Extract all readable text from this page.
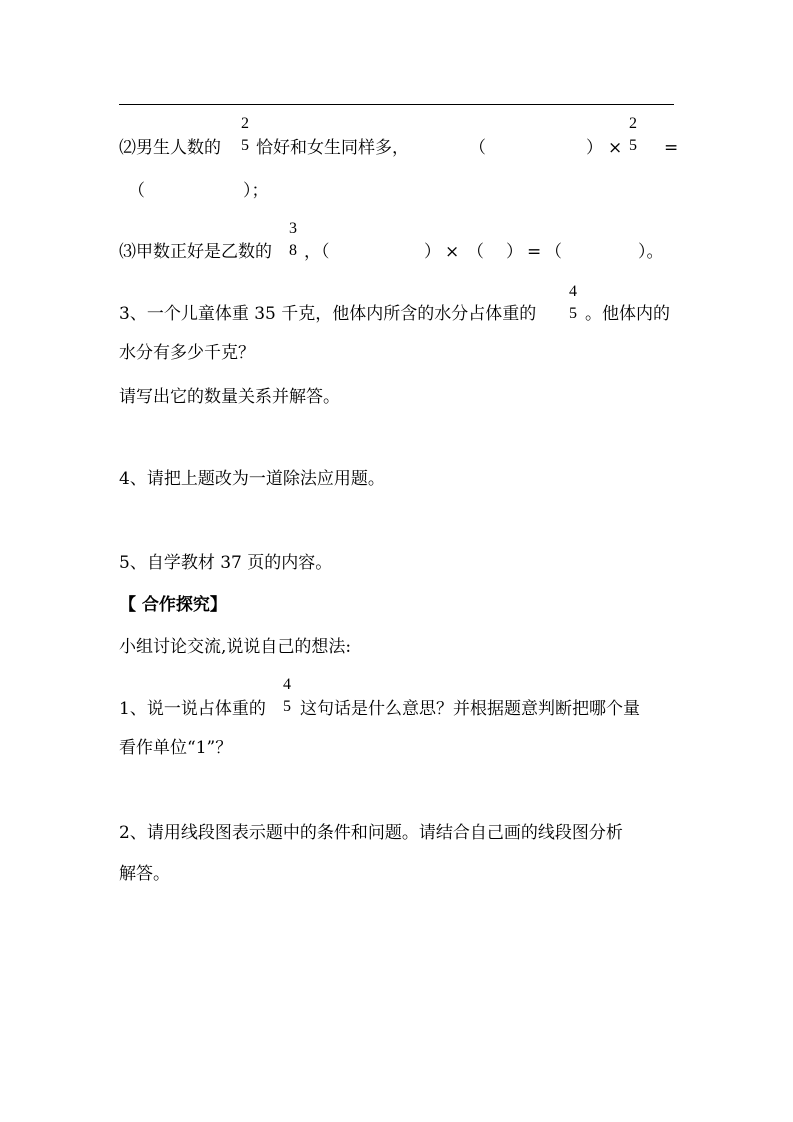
2
5
⑵男生人数的 恰好和女生同样多，	（	） ×
2
5 =
（	）；
3
8
⑶甲数正好是乙数的 ，（	） × （ ） = （	）。
4
5
3、一个儿童体重 35 千克，他体内所含的水分占体重的	。他体内的
水分有多少千克？
请写出它的数量关系并解答。
4、请把上题改为一道除法应用题。
5、自学教材 37 页的内容。
【 合作探究】
小组讨论交流,说说自己的想法:
4
5
1、说一说占体重的 这句话是什么意思？并根据题意判断把哪个量
看作单位“1”？
2、请用线段图表示题中的条件和问题。请结合自己画的线段图分析
解答。
